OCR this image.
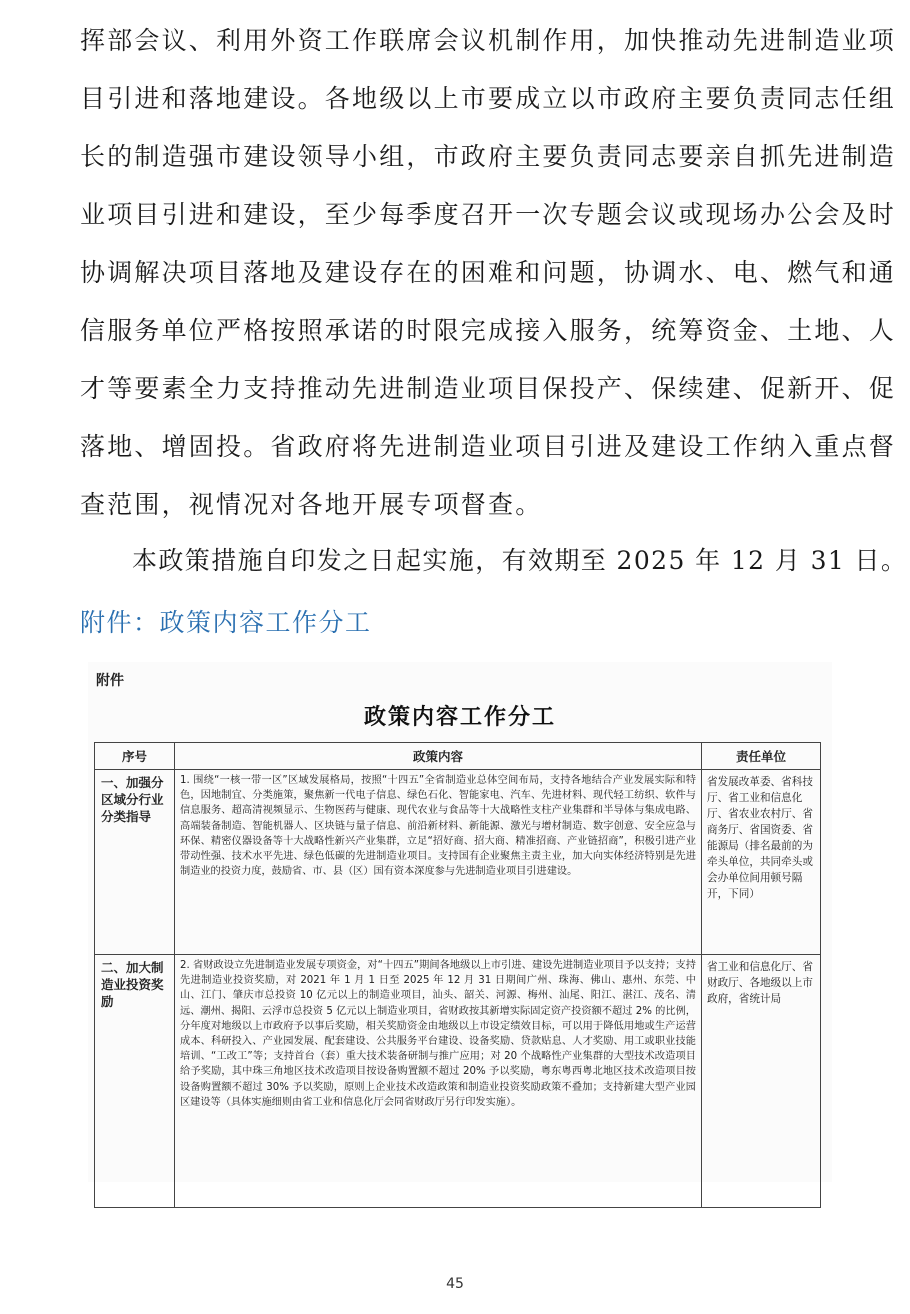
挥部会议、利用外资工作联席会议机制作用，加快推动先进制造业项
目引进和落地建设。各地级以上市要成立以市政府主要负责同志任组
长的制造强市建设领导小组，市政府主要负责同志要亲自抓先进制造
业项目引进和建设，至少每季度召开一次专题会议或现场办公会及时
协调解决项目落地及建设存在的困难和问题，协调水、电、燃气和通
信服务单位严格按照承诺的时限完成接入服务，统筹资金、土地、人
才等要素全力支持推动先进制造业项目保投产、保续建、促新开、促
落地、增固投。省政府将先进制造业项目引进及建设工作纳入重点督
查范围，视情况对各地开展专项督查。
本政策措施自印发之日起实施，有效期至 2025 年 12 月 31 日。
附件：政策内容工作分工
附件
政策内容工作分工
序号	政策内容	责任单位
一、加强分区域分行业分类指导	1. 围绕“一核一带一区”区域发展格局，按照“十四五”全省制造业总体空间布局，支持各地结合产业发展实际和特色，因地制宜、分类施策，聚焦新一代电子信息、绿色石化、智能家电、汽车、先进材料、现代轻工纺织、软件与信息服务、超高清视频显示、生物医药与健康、现代农业与食品等十大战略性支柱产业集群和半导体与集成电路、高端装备制造、智能机器人、区块链与量子信息、前沿新材料、新能源、激光与增材制造、数字创意、安全应急与环保、精密仪器设备等十大战略性新兴产业集群，立足“招好商、招大商、精准招商、产业链招商”，积极引进产业带动性强、技术水平先进、绿色低碳的先进制造业项目。支持国有企业聚焦主责主业，加大向实体经济特别是先进制造业的投资力度，鼓励省、市、县（区）国有资本深度参与先进制造业项目引进建设。	省发展改革委、省科技厅、省工业和信息化厅、省农业农村厅、省商务厅、省国资委、省能源局（排名最前的为牵头单位，共同牵头或会办单位间用顿号隔开，下同）
二、加大制造业投资奖励	2. 省财政设立先进制造业发展专项资金，对“十四五”期间各地级以上市引进、建设先进制造业项目予以支持；支持先进制造业投资奖励，对 2021 年 1 月 1 日至 2025 年 12 月 31 日期间广州、珠海、佛山、惠州、东莞、中山、江门、肇庆市总投资 10 亿元以上的制造业项目，汕头、韶关、河源、梅州、汕尾、阳江、湛江、茂名、清远、潮州、揭阳、云浮市总投资 5 亿元以上制造业项目，省财政按其新增实际固定资产投资额不超过 2% 的比例，分年度对地级以上市政府予以事后奖励，相关奖励资金由地级以上市设定绩效目标，可以用于降低用地或生产运营成本、科研投入、产业园发展、配套建设、公共服务平台建设、设备奖励、贷款贴息、人才奖励、用工或职业技能培训、“工改工”等；支持首台（套）重大技术装备研制与推广应用；对 20 个战略性产业集群的大型技术改造项目给予奖励，其中珠三角地区技术改造项目按设备购置额不超过 20% 予以奖励，粤东粤西粤北地区技术改造项目按设备购置额不超过 30% 予以奖励，原则上企业技术改造政策和制造业投资奖励政策不叠加；支持新建大型产业园区建设等（具体实施细则由省工业和信息化厅会同省财政厅另行印发实施）。	省工业和信息化厅、省财政厅、各地级以上市政府，省统计局
45
